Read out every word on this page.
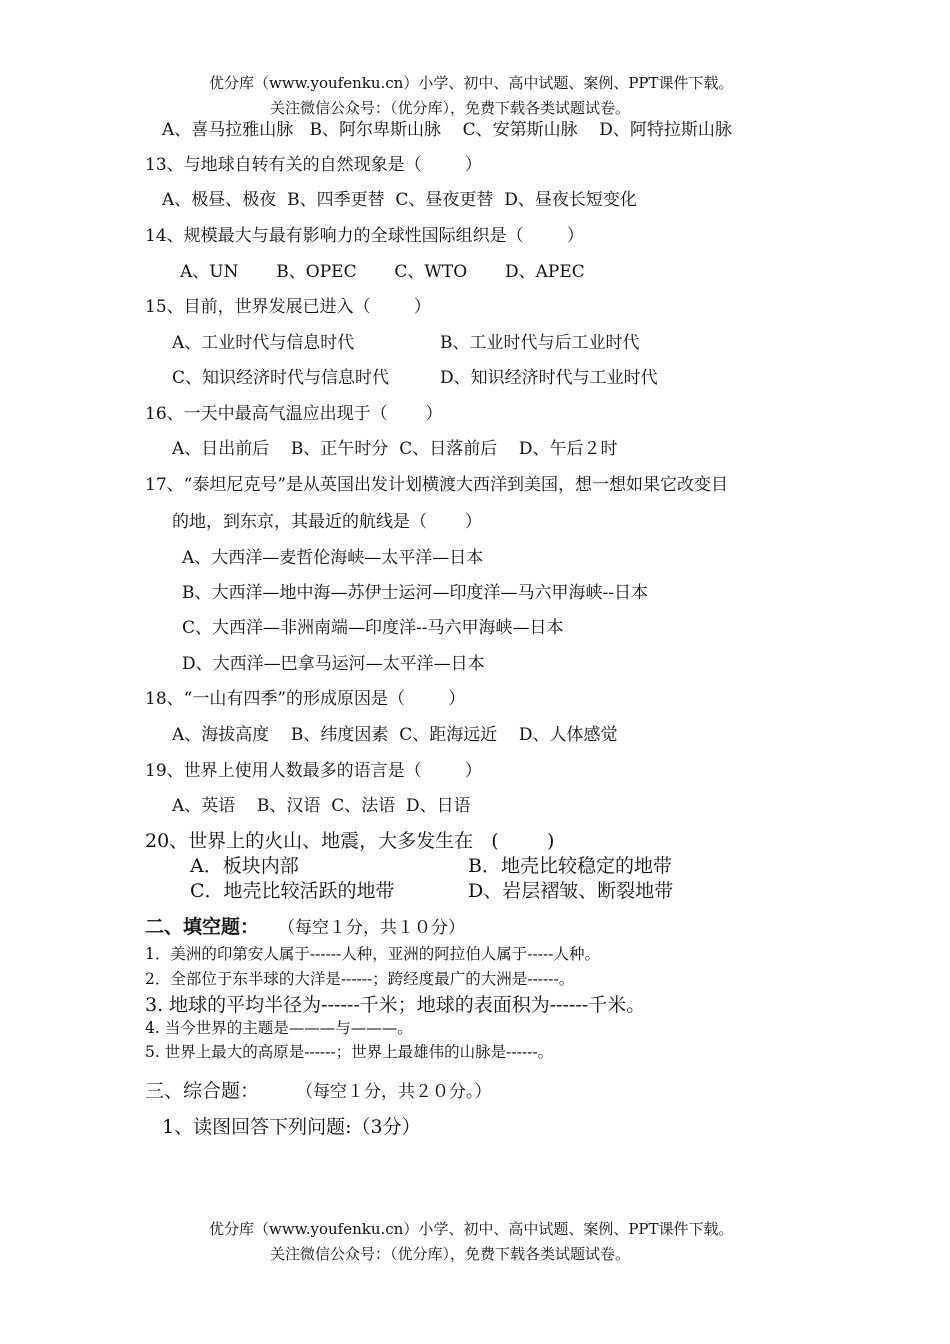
优分库（www.youfenku.cn）小学、初中、高中试题、案例、PPT课件下载。
关注微信公众号：（优分库），免费下载各类试题试卷。
A、喜马拉雅山脉   B、阿尔卑斯山脉    C、安第斯山脉    D、阿特拉斯山脉
13、与地球自转有关的自然现象是（        ）
A、极昼、极夜  B、四季更替  C、昼夜更替  D、昼夜长短变化
14、规模最大与最有影响力的全球性国际组织是（        ）
A、UN       B、OPEC       C、WTO       D、APEC
15、目前，世界发展已进入（        ）
A、工业时代与信息时代	B、工业时代与后工业时代
C、知识经济时代与信息时代	D、知识经济时代与工业时代
16、一天中最高气温应出现于（       ）
A、日出前后    B、正午时分  C、日落前后    D、午后２时
17、“泰坦尼克号”是从英国出发计划横渡大西洋到美国，想一想如果它改变目
的地，到东京，其最近的航线是（       ）
A、大西洋—麦哲伦海峡—太平洋—日本
B、大西洋—地中海—苏伊士运河—印度洋—马六甲海峡--日本
C、大西洋—非洲南端—印度洋--马六甲海峡—日本
D、大西洋—巴拿马运河—太平洋—日本
18、“一山有四季”的形成原因是（        ）
A、海拔高度    B、纬度因素  C、距海远近    D、人体感觉
19、世界上使用人数最多的语言是（        ）
A、英语    B、汉语  C、法语  D、日语
20、世界上的火山、地震，大多发生在   (        )
A．板块内部	B．地壳比较稳定的地带
C．地壳比较活跃的地带	D、岩层褶皱、断裂地带
二、填空题： （每空１分，共１０分）
1．美洲的印第安人属于------人种，亚洲的阿拉伯人属于-----人种。
2．全部位于东半球的大洋是------；跨经度最广的大洲是------。
3. 地球的平均半径为------千米；地球的表面积为------千米。
4. 当今世界的主题是———与———。
5. 世界上最大的高原是------；世界上最雄伟的山脉是------。
三、综合题： （每空１分，共２０分。）
1、读图回答下列问题:（3分）
优分库（www.youfenku.cn）小学、初中、高中试题、案例、PPT课件下载。
关注微信公众号：（优分库），免费下载各类试题试卷。
